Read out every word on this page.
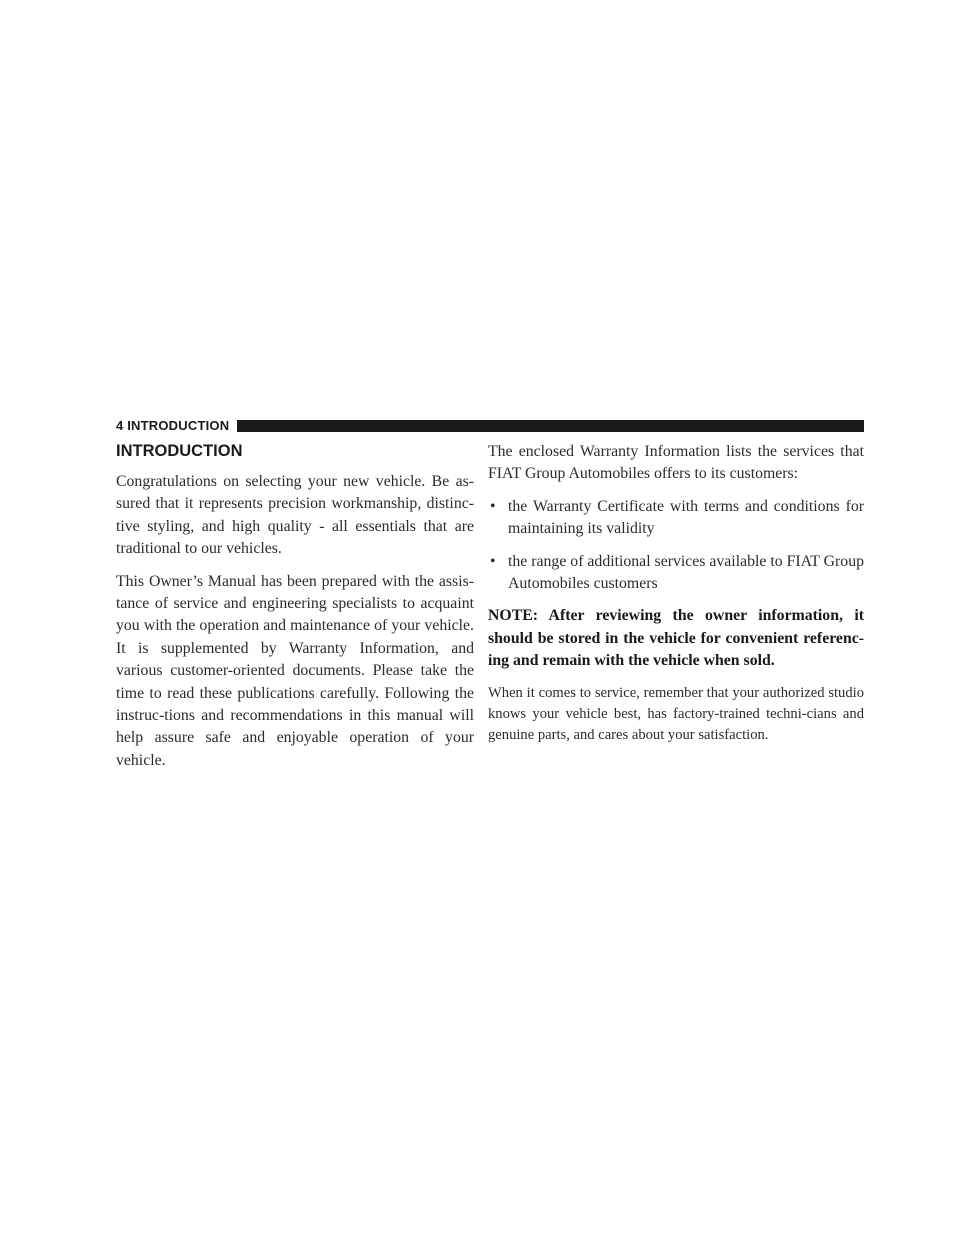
4 INTRODUCTION
INTRODUCTION

Congratulations on selecting your new vehicle. Be as-sured that it represents precision workmanship, distinc-tive styling, and high quality - all essentials that are traditional to our vehicles.

This Owner’s Manual has been prepared with the assis-tance of service and engineering specialists to acquaint you with the operation and maintenance of your vehicle. It is supplemented by Warranty Information, and various customer-oriented documents. Please take the time to read these publications carefully. Following the instruc-tions and recommendations in this manual will help assure safe and enjoyable operation of your vehicle.

The enclosed Warranty Information lists the services that FIAT Group Automobiles offers to its customers:

• the Warranty Certificate with terms and conditions for maintaining its validity
• the range of additional services available to FIAT Group Automobiles customers

NOTE: After reviewing the owner information, it should be stored in the vehicle for convenient referenc-ing and remain with the vehicle when sold.

When it comes to service, remember that your authorized studio knows your vehicle best, has factory-trained techni-cians and genuine parts, and cares about your satisfaction.
